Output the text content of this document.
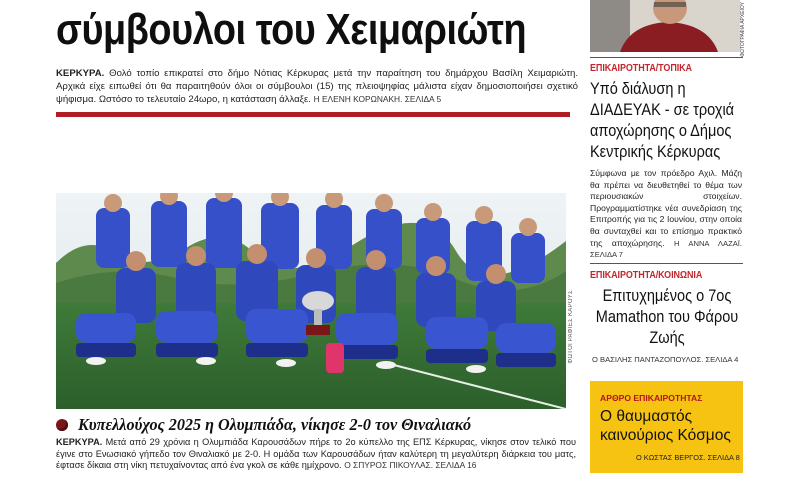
σύμβουλοι του Χειμαριώτη
ΚΕΡΚΥΡΑ. Θολό τοπίο επικρατεί στο δήμο Νότιας Κέρκυρας μετά την παραίτηση του δημάρχου Βασίλη Χειμαριώτη. Αρχικά είχε ειπωθεί ότι θα παραιτηθούν όλοι οι σύμβουλοι (15) της πλειοψηφίας μάλιστα είχαν δημοσιοποιήσει σχετικό ψήφισμα. Ωστόσο το τελευταίο 24ωρο, η κατάσταση άλλαξε. Η ΕΛΕΝΗ ΚΟΡΩΝΑΚΗ. ΣΕΛΙΔΑ 5
ΦΩΤΟΓΡΑΦΙΕΣ ΚΑΡΟΥΣ
Κυπελλούχος 2025 η Ολυμπιάδα, νίκησε 2-0 τον Θιναλιακό
ΚΕΡΚΥΡΑ. Μετά από 29 χρόνια η Ολυμπιάδα Καρουσάδων πήρε το 2ο κύπελλο της ΕΠΣ Κέρκυρας, νίκησε στον τελικό που έγινε στο Ενωσιακό γήπεδο τον Θιναλιακό με 2-0. Η ομάδα των Καρουσάδων ήταν καλύτερη τη μεγαλύτερη διάρκεια του ματς, έφτασε δίκαια στη νίκη πετυχαίνοντας από ένα γκολ σε κάθε ημίχρονο. Ο ΣΠΥΡΟΣ ΠΙΚΟΥΛΑΣ. ΣΕΛΙΔΑ 16
ΦΩΤΟΓΡΑΦΙΑ ΑΡΧΕΙΟΥ
ΕΠΙΚΑΙΡΟΤΗΤΑ/ΤΟΠΙΚΑ
Υπό διάλυση η ΔΙΑΔΕΥΑΚ - σε τροχιά αποχώρησης ο Δήμος Κεντρικής Κέρκυρας
Σύμφωνα με τον πρόεδρο Αχιλ. Μάζη θα πρέπει να διευθετηθεί το θέμα των περιουσιακών στοιχείων. Προγραμματίστηκε νέα συνεδρίαση της Επιτροπής για τις 2 Ιουνίου, στην οποία θα συνταχθεί και το επίσημο πρακτικό της αποχώρησης. Η ΑΝΝΑ ΛΑΖΑΪ. ΣΕΛΙΔΑ 7
ΕΠΙΚΑΙΡΟΤΗΤΑ/ΚΟΙΝΩΝΙΑ
Επιτυχημένος ο 7ος Mamathon του Φάρου Ζωής
Ο ΒΑΣΙΛΗΣ ΠΑΝΤΑΖΟΠΟΥΛΟΣ. ΣΕΛΙΔΑ 4
ΑΡΘΡΟ ΕΠΙΚΑΙΡΟΤΗΤΑΣ
Ο θαυμαστός καινούριος Κόσμος
Ο ΚΩΣΤΑΣ ΒΕΡΓΟΣ. ΣΕΛΙΔΑ 8
